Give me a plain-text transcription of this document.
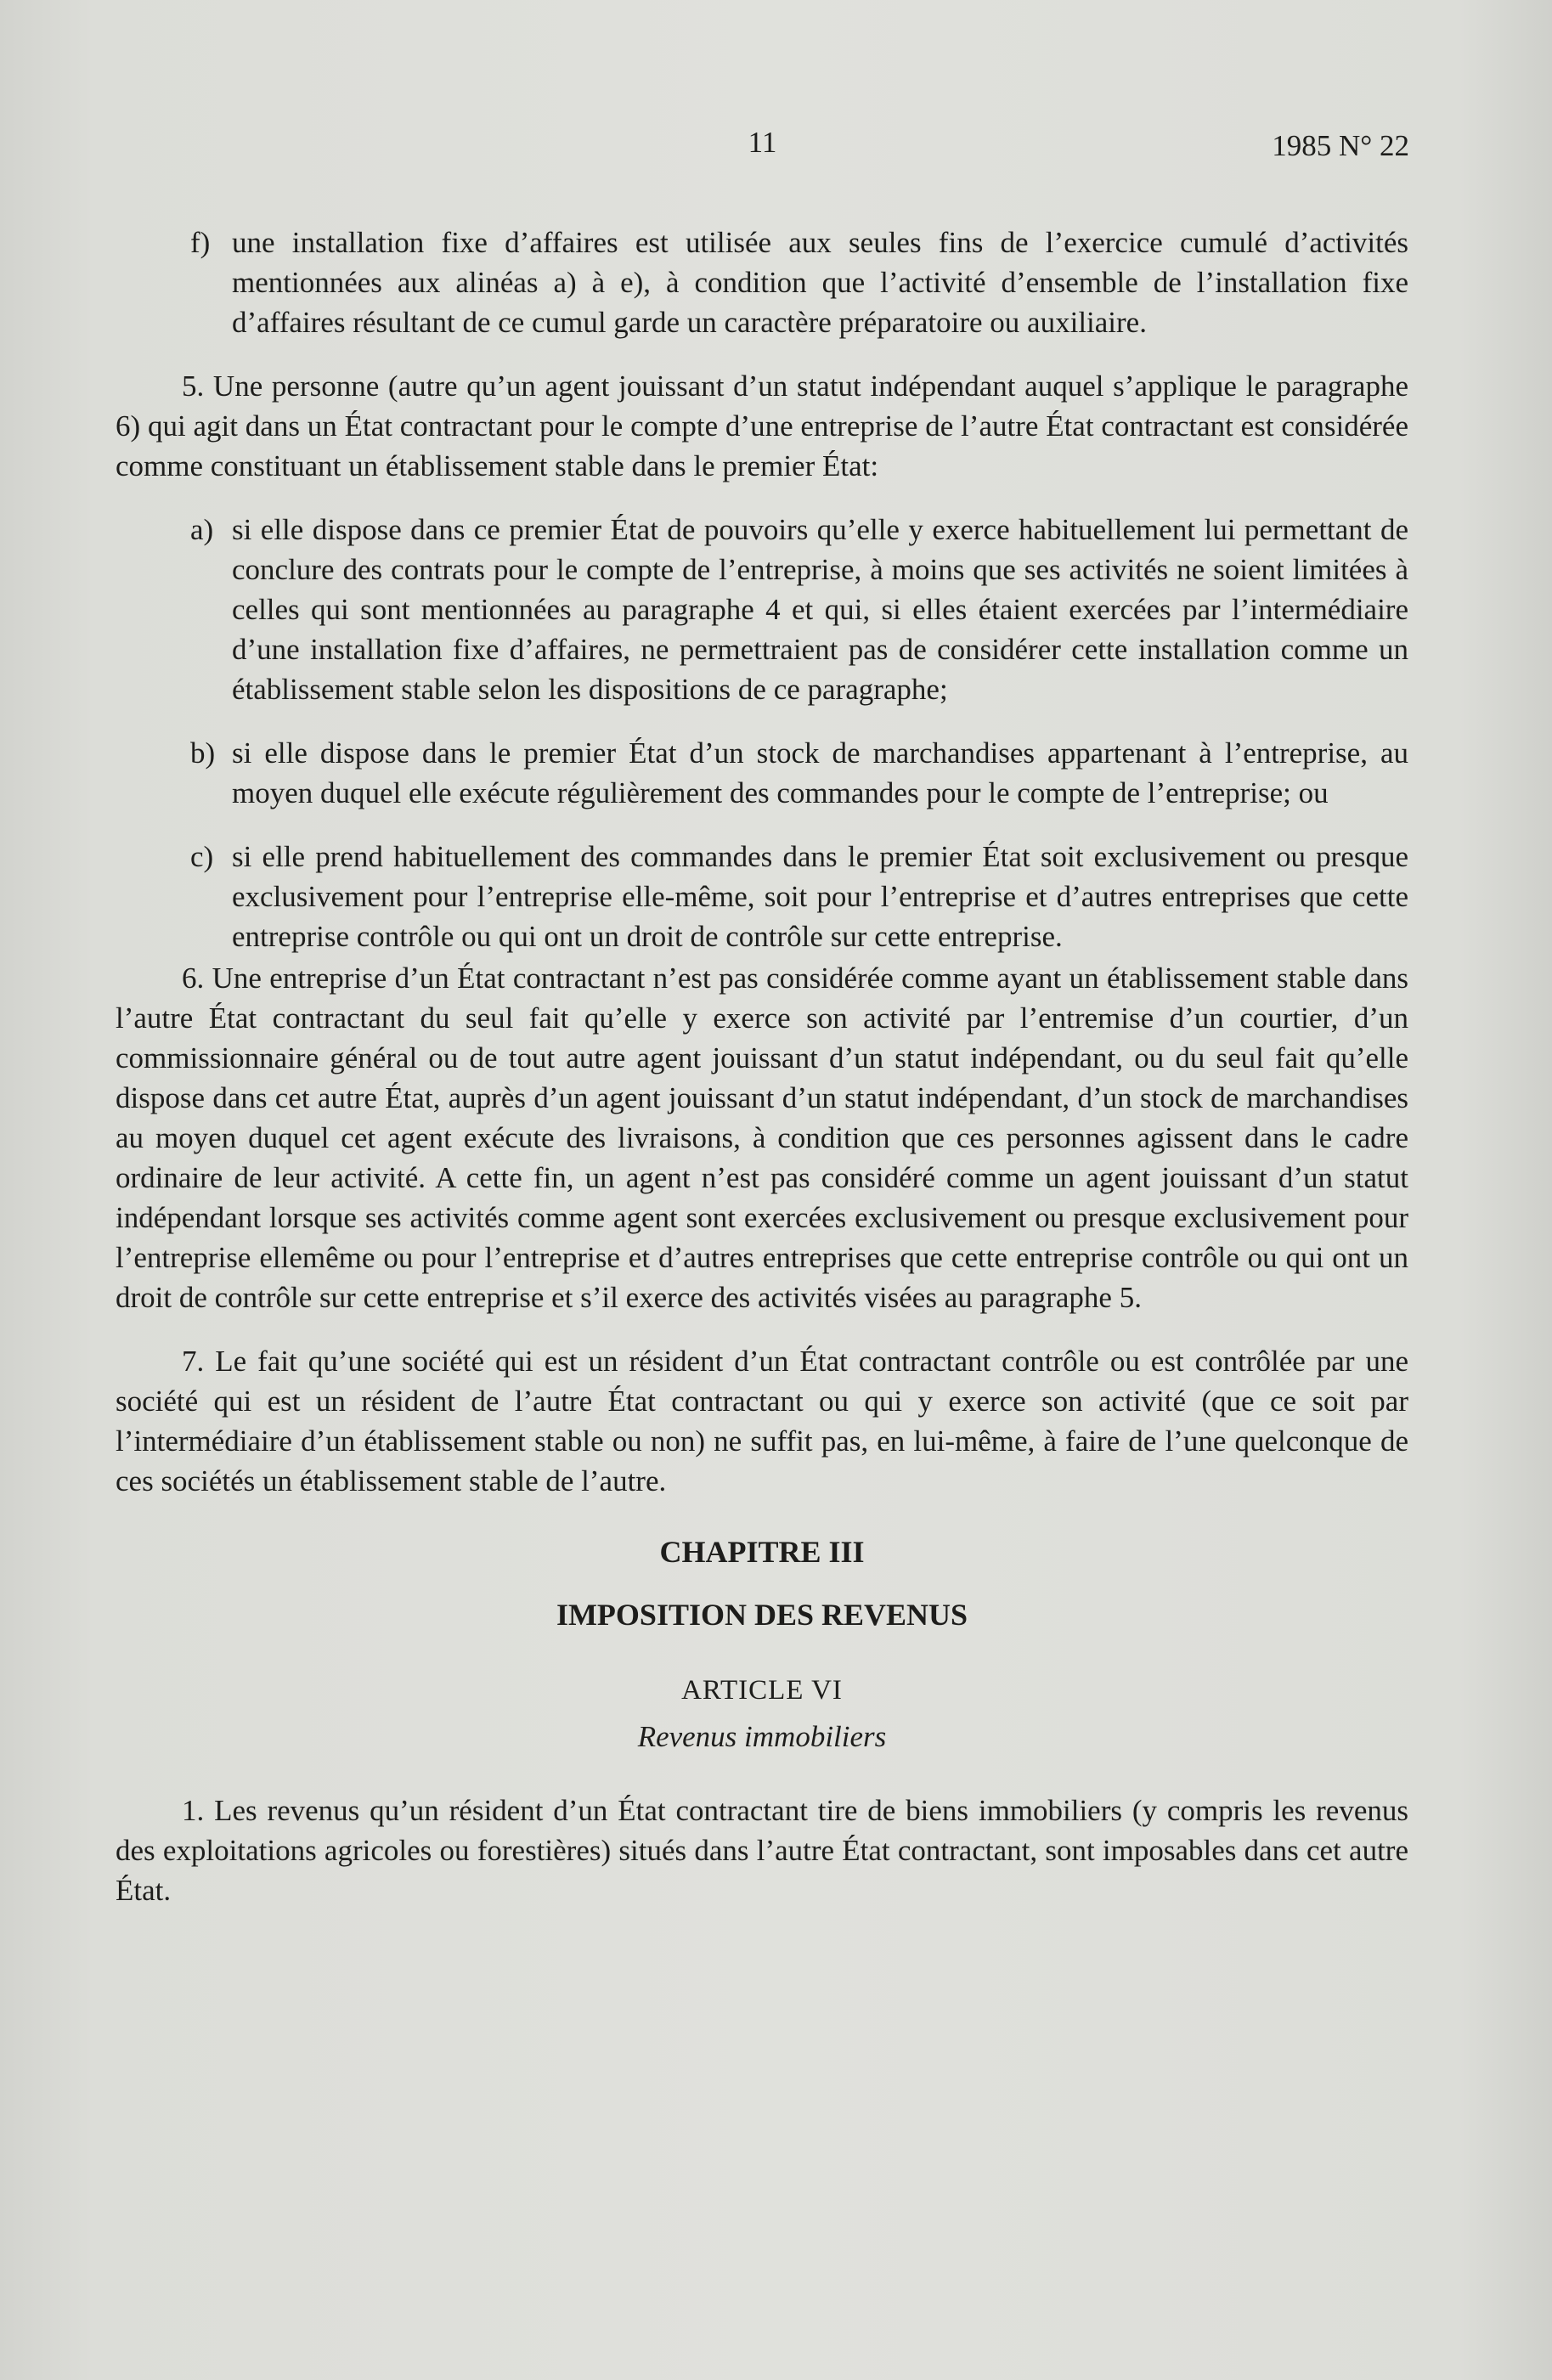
11	1985 N° 22
f) une installation fixe d’affaires est utilisée aux seules fins de l’exercice cumulé d’activités mentionnées aux alinéas a) à e), à condition que l’activité d’ensemble de l’installation fixe d’affaires résultant de ce cumul garde un caractère préparatoire ou auxiliaire.

5. Une personne (autre qu’un agent jouissant d’un statut indépendant auquel s’applique le paragraphe 6) qui agit dans un État contractant pour le compte d’une entreprise de l’autre État contractant est considérée comme constituant un établissement stable dans le premier État:

a) si elle dispose dans ce premier État de pouvoirs qu’elle y exerce habituellement lui permettant de conclure des contrats pour le compte de l’entreprise, à moins que ses activités ne soient limitées à celles qui sont mentionnées au paragraphe 4 et qui, si elles étaient exercées par l’intermédiaire d’une installation fixe d’affaires, ne permettraient pas de considérer cette installation comme un établissement stable selon les dispositions de ce paragraphe;

b) si elle dispose dans le premier État d’un stock de marchandises appartenant à l’entreprise, au moyen duquel elle exécute régulièrement des commandes pour le compte de l’entreprise; ou

c) si elle prend habituellement des commandes dans le premier État soit exclusivement ou presque exclusivement pour l’entreprise elle-même, soit pour l’entreprise et d’autres entreprises que cette entreprise contrôle ou qui ont un droit de contrôle sur cette entreprise.

6. Une entreprise d’un État contractant n’est pas considérée comme ayant un établissement stable dans l’autre État contractant du seul fait qu’elle y exerce son activité par l’entremise d’un courtier, d’un commissionnaire général ou de tout autre agent jouissant d’un statut indépendant, ou du seul fait qu’elle dispose dans cet autre État, auprès d’un agent jouissant d’un statut indépendant, d’un stock de marchandises au moyen duquel cet agent exécute des livraisons, à condition que ces personnes agissent dans le cadre ordinaire de leur activité. A cette fin, un agent n’est pas considéré comme un agent jouissant d’un statut indépendant lorsque ses activités comme agent sont exercées exclusivement ou presque exclusivement pour l’entreprise ellemême ou pour l’entreprise et d’autres entreprises que cette entreprise contrôle ou qui ont un droit de contrôle sur cette entreprise et s’il exerce des activités visées au paragraphe 5.

7. Le fait qu’une société qui est un résident d’un État contractant contrôle ou est contrôlée par une société qui est un résident de l’autre État contractant ou qui y exerce son activité (que ce soit par l’intermédiaire d’un établissement stable ou non) ne suffit pas, en lui-même, à faire de l’une quelconque de ces sociétés un établissement stable de l’autre.

CHAPITRE III
IMPOSITION DES REVENUS
ARTICLE VI
Revenus immobiliers

1. Les revenus qu’un résident d’un État contractant tire de biens immobiliers (y compris les revenus des exploitations agricoles ou forestières) situés dans l’autre État contractant, sont imposables dans cet autre État.
